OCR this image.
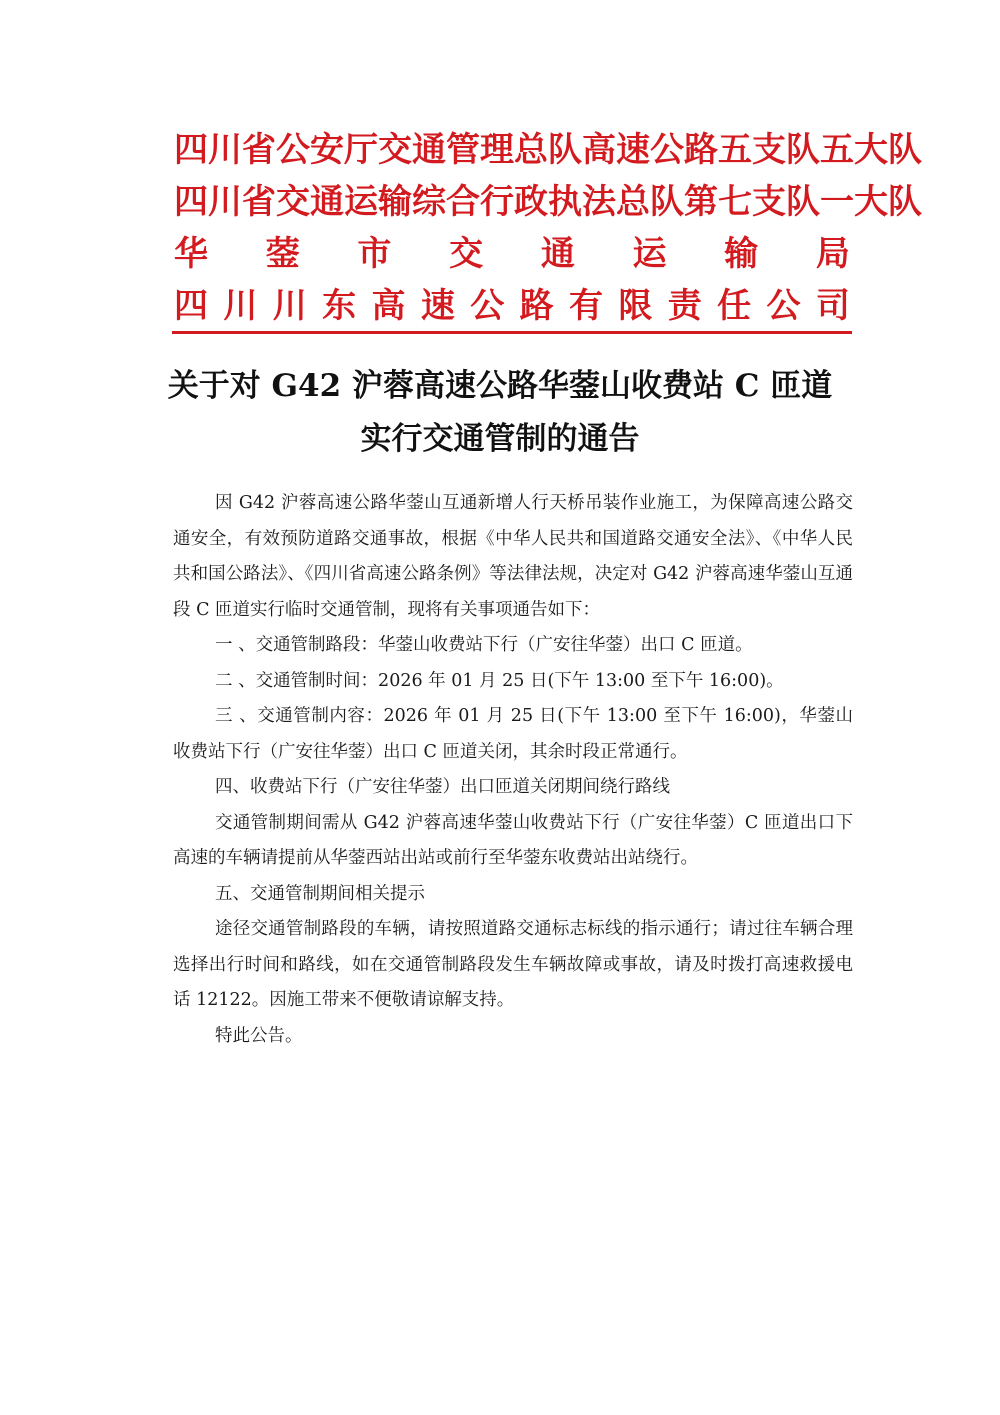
四川省公安厅交通管理总队高速公路五支队五大队
四川省交通运输综合行政执法总队第七支队一大队
华 蓥 市 交 通 运 输 局
四 川 川 东 高 速 公 路 有 限 责 任 公 司
关于对 G42 沪蓉高速公路华蓥山收费站 C 匝道
实行交通管制的通告

因 G42 沪蓉高速公路华蓥山互通新增人行天桥吊装作业施工，为保障高速公路交通安全，有效预防道路交通事故，根据《中华人民共和国道路交通安全法》、《中华人民共和国公路法》、《四川省高速公路条例》等法律法规，决定对 G42 沪蓉高速华蓥山互通段 C 匝道实行临时交通管制，现将有关事项通告如下：

一 、交通管制路段：华蓥山收费站下行（广安往华蓥）出口 C 匝道。

二 、交通管制时间：2026 年 01 月 25 日(下午 13:00 至下午 16:00)。

三 、交通管制内容：2026 年 01 月 25 日(下午 13:00 至下午 16:00)，华蓥山收费站下行（广安往华蓥）出口 C 匝道关闭，其余时段正常通行。

四、收费站下行（广安往华蓥）出口匝道关闭期间绕行路线

交通管制期间需从 G42 沪蓉高速华蓥山收费站下行（广安往华蓥）C 匝道出口下高速的车辆请提前从华蓥西站出站或前行至华蓥东收费站出站绕行。

五、交通管制期间相关提示

途径交通管制路段的车辆，请按照道路交通标志标线的指示通行；请过往车辆合理选择出行时间和路线，如在交通管制路段发生车辆故障或事故，请及时拨打高速救援电话 12122。因施工带来不便敬请谅解支持。

特此公告。
